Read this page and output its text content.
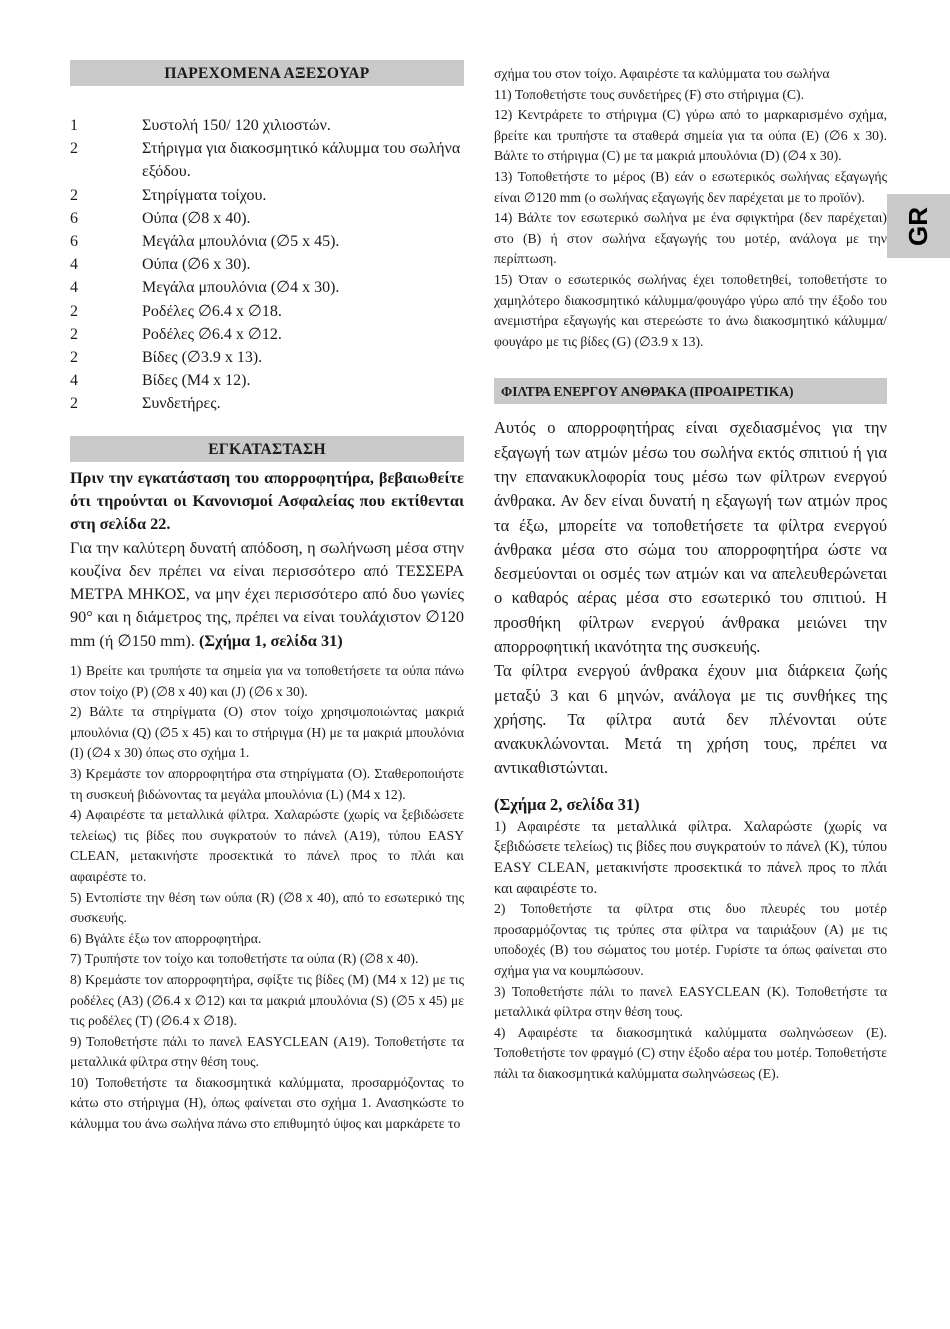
ΠΑΡΕΧΟΜΕΝΑ ΑΞΕΣΟΥΑΡ
1	Συστολή 150/ 120 χιλιοστών.
2	Στήριγμα για διακοσμητικό κάλυμμα του σωλήνα εξόδου.
2	Στηρίγματα τοίχου.
6	Ούπα (∅8 x 40).
6	Μεγάλα μπουλόνια (∅5 x 45).
4	Ούπα (∅6 x 30).
4	Μεγάλα μπουλόνια (∅4 x 30).
2	Ροδέλες ∅6.4 x ∅18.
2	Ροδέλες ∅6.4 x ∅12.
2	Βίδες (∅3.9 x 13).
4	Βίδες (M4 x 12).
2	Συνδετήρες.
ΕΓΚΑΤΑΣΤΑΣΗ

Πριν την εγκατάσταση του απορροφητήρα, βεβαιωθείτε ότι τηρούνται οι Κανονισμοί Ασφαλείας που εκτίθενται στη σελίδα 22.

Για την καλύτερη δυνατή απόδοση, η σωλήνωση μέσα στην κουζίνα δεν πρέπει να είναι περισσότερο από ΤΕΣΣΕΡΑ ΜΕΤΡΑ ΜΗΚΟΣ, να μην έχει περισσότερο από δυο γωνίες 90° και η διάμετρος της, πρέπει να είναι τουλάχιστον ∅120 mm (ή ∅150 mm). (Σχήμα 1, σελίδα 31)

1) Βρείτε και τρυπήστε τα σημεία για να τοποθετήσετε τα ούπα πάνω στον τοίχο (P) (∅8 x 40) και (J) (∅6 x 30).

2) Βάλτε τα στηρίγματα (O) στον τοίχο χρησιμοποιώντας μακριά μπουλόνια (Q) (∅5 x 45) και το στήριγμα (H) με τα μακριά μπουλόνια (I) (∅4 x 30) όπως στο σχήμα 1.

3) Κρεμάστε τον απορροφητήρα στα στηρίγματα (O). Σταθεροποιήστε τη συσκευή βιδώνοντας τα μεγάλα μπουλόνια (L) (M4 x 12).

4) Αφαιρέστε τα μεταλλικά φίλτρα. Χαλαρώστε (χωρίς να ξεβιδώσετε τελείως) τις βίδες που συγκρατούν το πάνελ (A19), τύπου EASY CLEAN, μετακινήστε προσεκτικά το πάνελ προς το πλάι και αφαιρέστε το.

5) Εντοπίστε την θέση των ούπα (R) (∅8 x 40), από το εσωτερικό της συσκευής.

6) Βγάλτε έξω τον απορροφητήρα.

7) Τρυπήστε τον τοίχο και τοποθετήστε τα ούπα (R) (∅8 x 40).

8) Κρεμάστε τον απορροφητήρα, σφίξτε τις βίδες (M) (M4 x 12) με τις ροδέλες (A3) (∅6.4 x ∅12) και τα μακριά μπουλόνια (S) (∅5 x 45) με τις ροδέλες (T) (∅6.4 x ∅18).

9) Τοποθετήστε πάλι το πανελ EASYCLEAN (A19). Τοποθετήστε τα μεταλλικά φίλτρα στην θέση τους.

10) Τοποθετήστε τα διακοσμητικά καλύμματα, προσαρμόζοντας το κάτω στο στήριγμα (H), όπως φαίνεται στο σχήμα 1. Ανασηκώστε το κάλυμμα του άνω σωλήνα πάνω στο επιθυμητό ύψος και μαρκάρετε το

σχήμα του στον τοίχο. Αφαιρέστε τα καλύμματα του σωλήνα

11) Τοποθετήστε τους συνδετήρες (F) στο στήριγμα (C).

12) Κεντράρετε το στήριγμα (C) γύρω από το μαρκαρισμένο σχήμα, βρείτε και τρυπήστε τα σταθερά σημεία για τα ούπα (E) (∅6 x 30). Βάλτε το στήριγμα (C) με τα μακριά μπουλόνια (D) (∅4 x 30).

13) Τοποθετήστε το μέρος (B) εάν ο εσωτερικός σωλήνας εξαγωγής είναι ∅120 mm (ο σωλήνας εξαγωγής δεν παρέχεται με το προϊόν).

14) Βάλτε τον εσωτερικό σωλήνα με ένα σφιγκτήρα (δεν παρέχεται) στο (B) ή στον σωλήνα εξαγωγής του μοτέρ, ανάλογα με την περίπτωση.

15) Όταν ο εσωτερικός σωλήνας έχει τοποθετηθεί, τοποθετήστε το χαμηλότερο διακοσμητικό κάλυμμα/φουγάρο γύρω από την έξοδο του ανεμιστήρα εξαγωγής και στερεώστε το άνω διακοσμητικό κάλυμμα/φουγάρο με τις βίδες (G) (∅3.9 x 13).

ΦΙΛΤΡΑ ΕΝΕΡΓΟΥ ΑΝΘΡΑΚΑ (ΠΡΟΑΙΡΕΤΙΚΑ)

Αυτός ο απορροφητήρας είναι σχεδιασμένος για την εξαγωγή των ατμών μέσω του σωλήνα εκτός σπιτιού ή για την επανακυκλοφορία τους μέσω των φίλτρων ενεργού άνθρακα. Αν δεν είναι δυνατή η εξαγωγή των ατμών προς τα έξω, μπορείτε να τοποθετήσετε τα φίλτρα ενεργού άνθρακα μέσα στο σώμα του απορροφητήρα ώστε να δεσμεύονται οι οσμές των ατμών και να απελευθερώνεται ο καθαρός αέρας μέσα στο εσωτερικό του σπιτιού. Η προσθήκη φίλτρων ενεργού άνθρακα μειώνει την απορροφητική ικανότητα της συσκευής.

Τα φίλτρα ενεργού άνθρακα έχουν μια διάρκεια ζωής μεταξύ 3 και 6 μηνών, ανάλογα με τις συνθήκες της χρήσης. Τα φίλτρα αυτά δεν πλένονται ούτε ανακυκλώνονται. Μετά τη χρήση τους, πρέπει να αντικαθιστώνται.

(Σχήμα 2, σελίδα 31)

1) Αφαιρέστε τα μεταλλικά φίλτρα. Χαλαρώστε (χωρίς να ξεβιδώσετε τελείως) τις βίδες που συγκρατούν το πάνελ (K), τύπου EASY CLEAN, μετακινήστε προσεκτικά το πάνελ προς το πλάι και αφαιρέστε το.

2) Τοποθετήστε τα φίλτρα στις δυο πλευρές του μοτέρ προσαρμόζοντας τις τρύπες στα φίλτρα να ταιριάξουν (A) με τις υποδοχές (B) του σώματος του μοτέρ. Γυρίστε τα όπως φαίνεται στο σχήμα για να κουμπώσουν.

3) Τοποθετήστε πάλι το πανελ EASYCLEAN (K). Τοποθετήστε τα μεταλλικά φίλτρα στην θέση τους.

4) Αφαιρέστε τα διακοσμητικά καλύμματα σωληνώσεων (E). Τοποθετήστε τον φραγμό (C) στην έξοδο αέρα του μοτέρ. Τοποθετήστε πάλι τα διακοσμητικά καλύμματα σωληνώσεως (E).

GR
